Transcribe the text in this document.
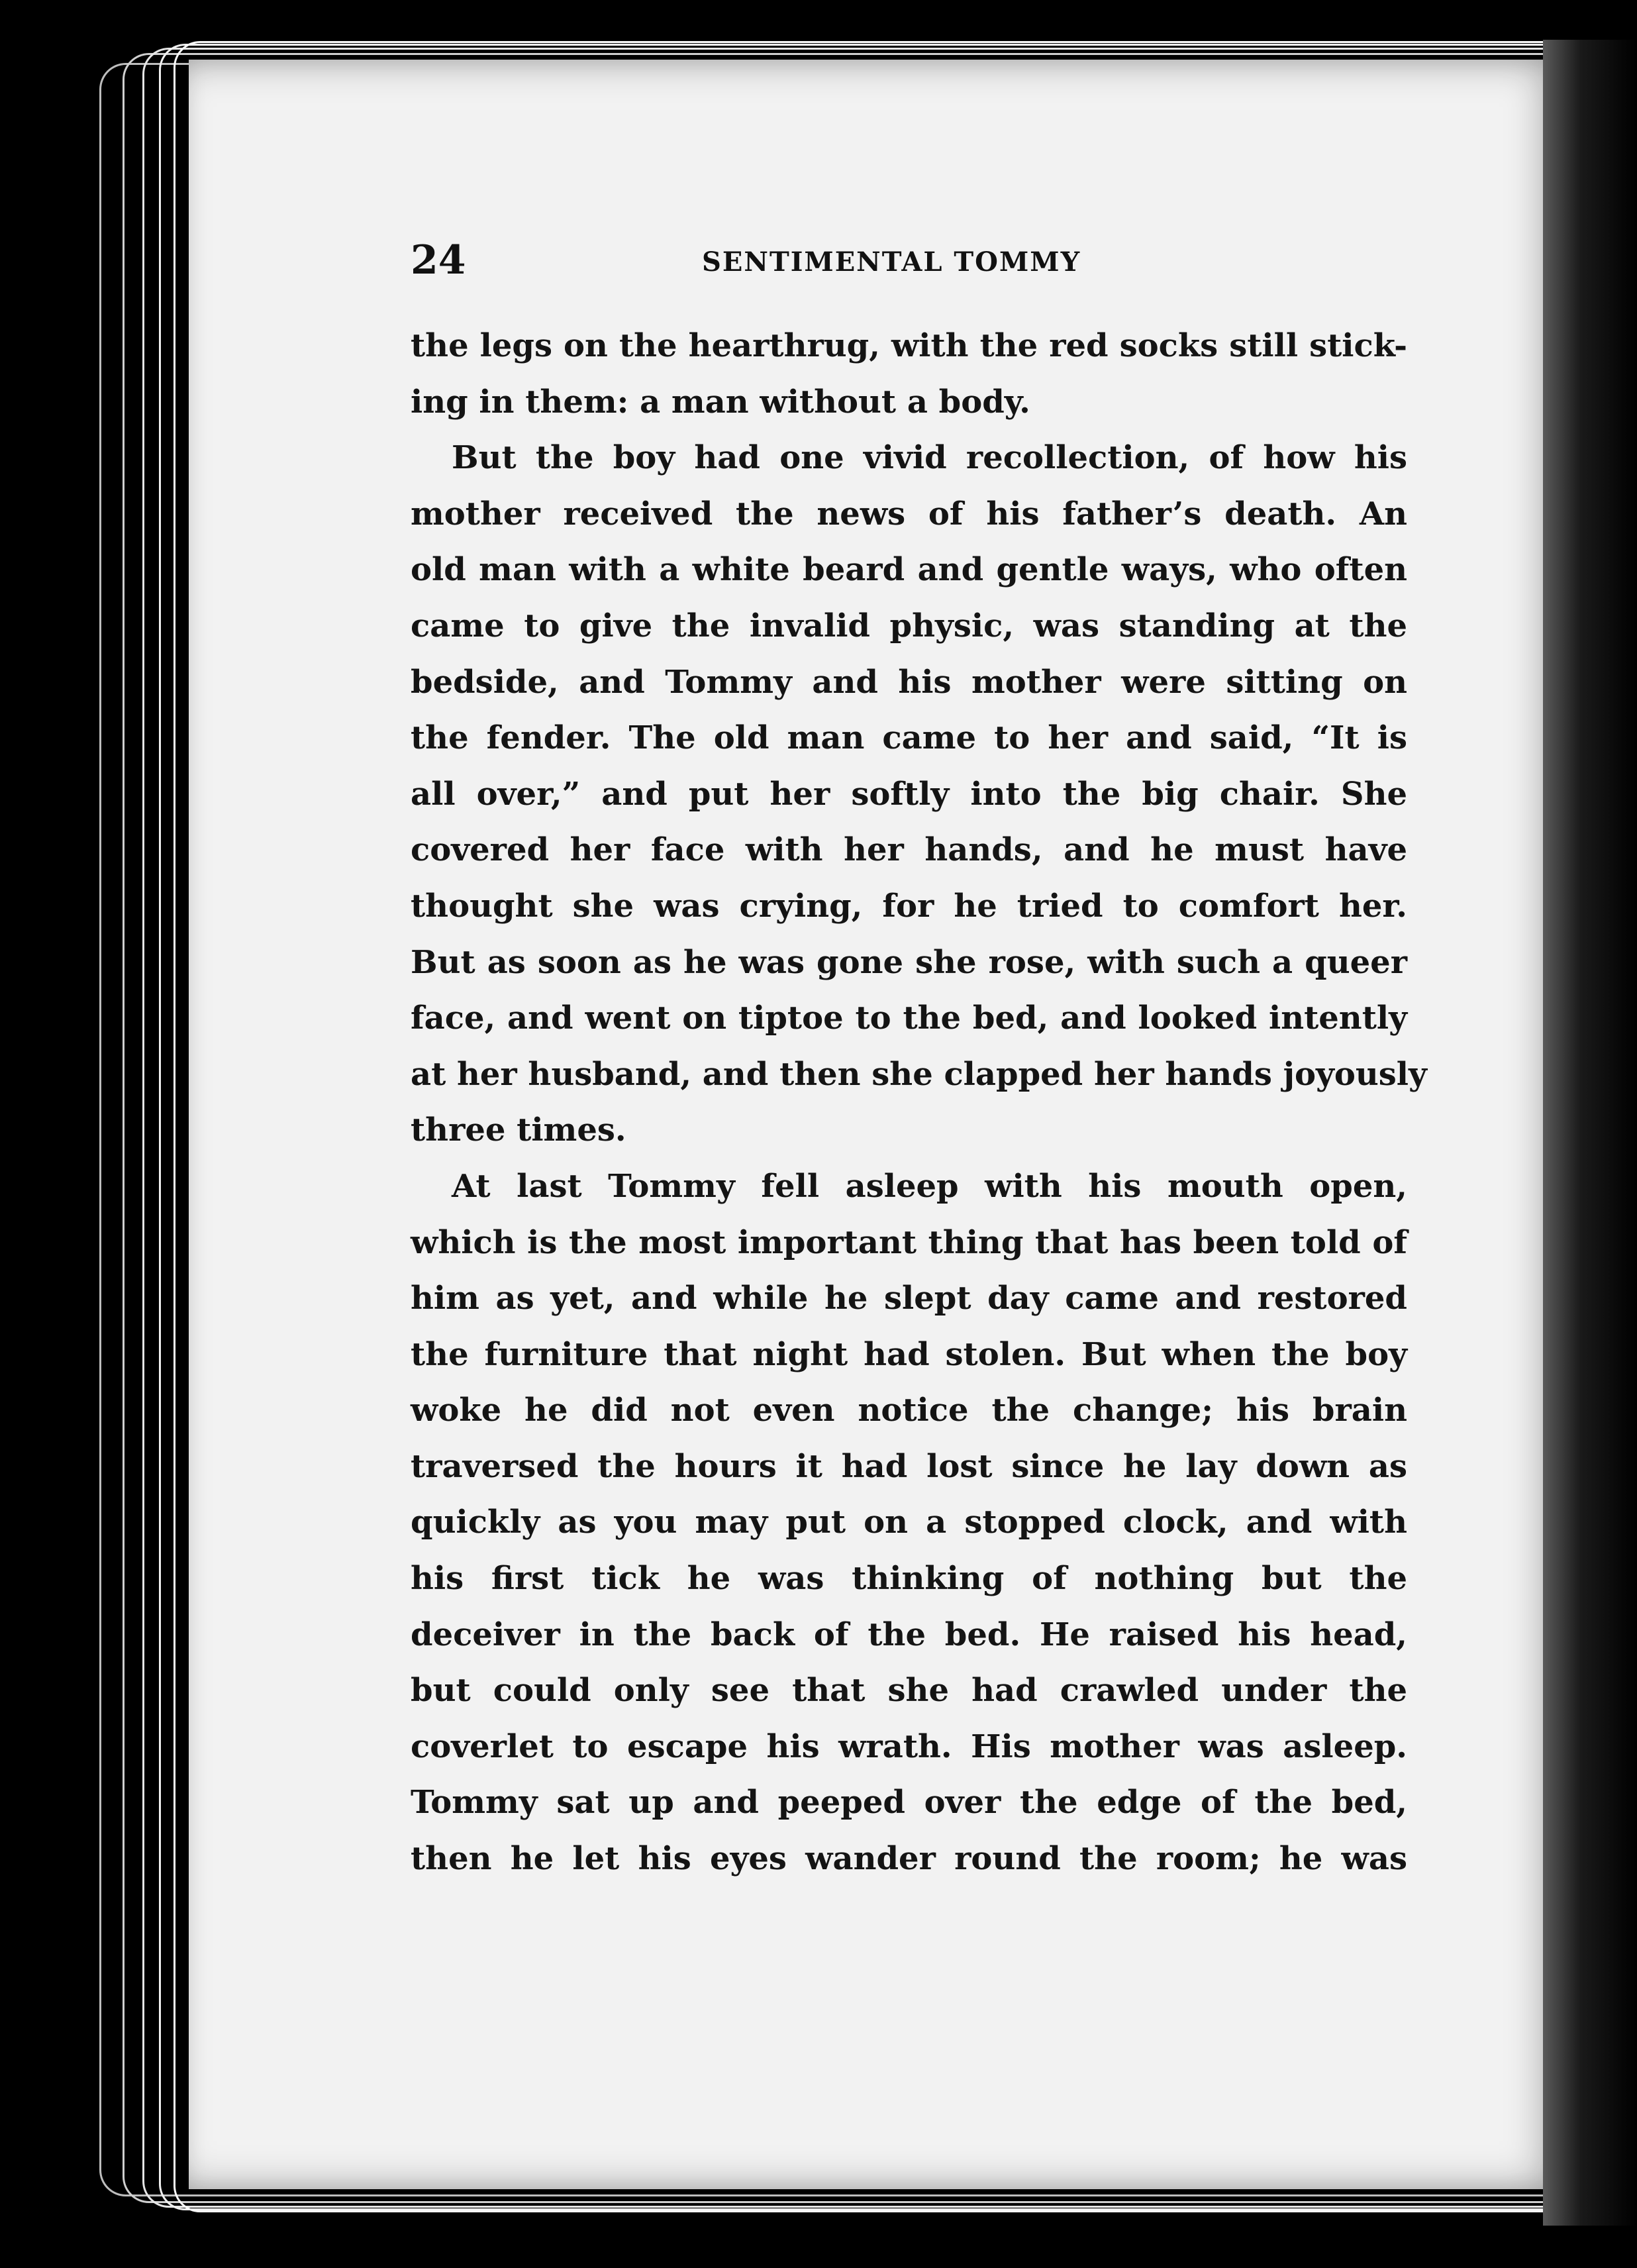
24	SENTIMENTAL TOMMY
the legs on the hearthrug, with the red socks still stick-
ing in them: a man without a body.
But the boy had one vivid recollection, of how his
mother received the news of his father’s death. An
old man with a white beard and gentle ways, who often
came to give the invalid physic, was standing at the
bedside, and Tommy and his mother were sitting on
the fender. The old man came to her and said, “It is
all over,” and put her softly into the big chair. She
covered her face with her hands, and he must have
thought she was crying, for he tried to comfort her.
But as soon as he was gone she rose, with such a queer
face, and went on tiptoe to the bed, and looked intently
at her husband, and then she clapped her hands joyously
three times.
At last Tommy fell asleep with his mouth open,
which is the most important thing that has been told of
him as yet, and while he slept day came and restored
the furniture that night had stolen. But when the boy
woke he did not even notice the change; his brain
traversed the hours it had lost since he lay down as
quickly as you may put on a stopped clock, and with
his first tick he was thinking of nothing but the
deceiver in the back of the bed. He raised his head,
but could only see that she had crawled under the
coverlet to escape his wrath. His mother was asleep.
Tommy sat up and peeped over the edge of the bed,
then he let his eyes wander round the room; he was
